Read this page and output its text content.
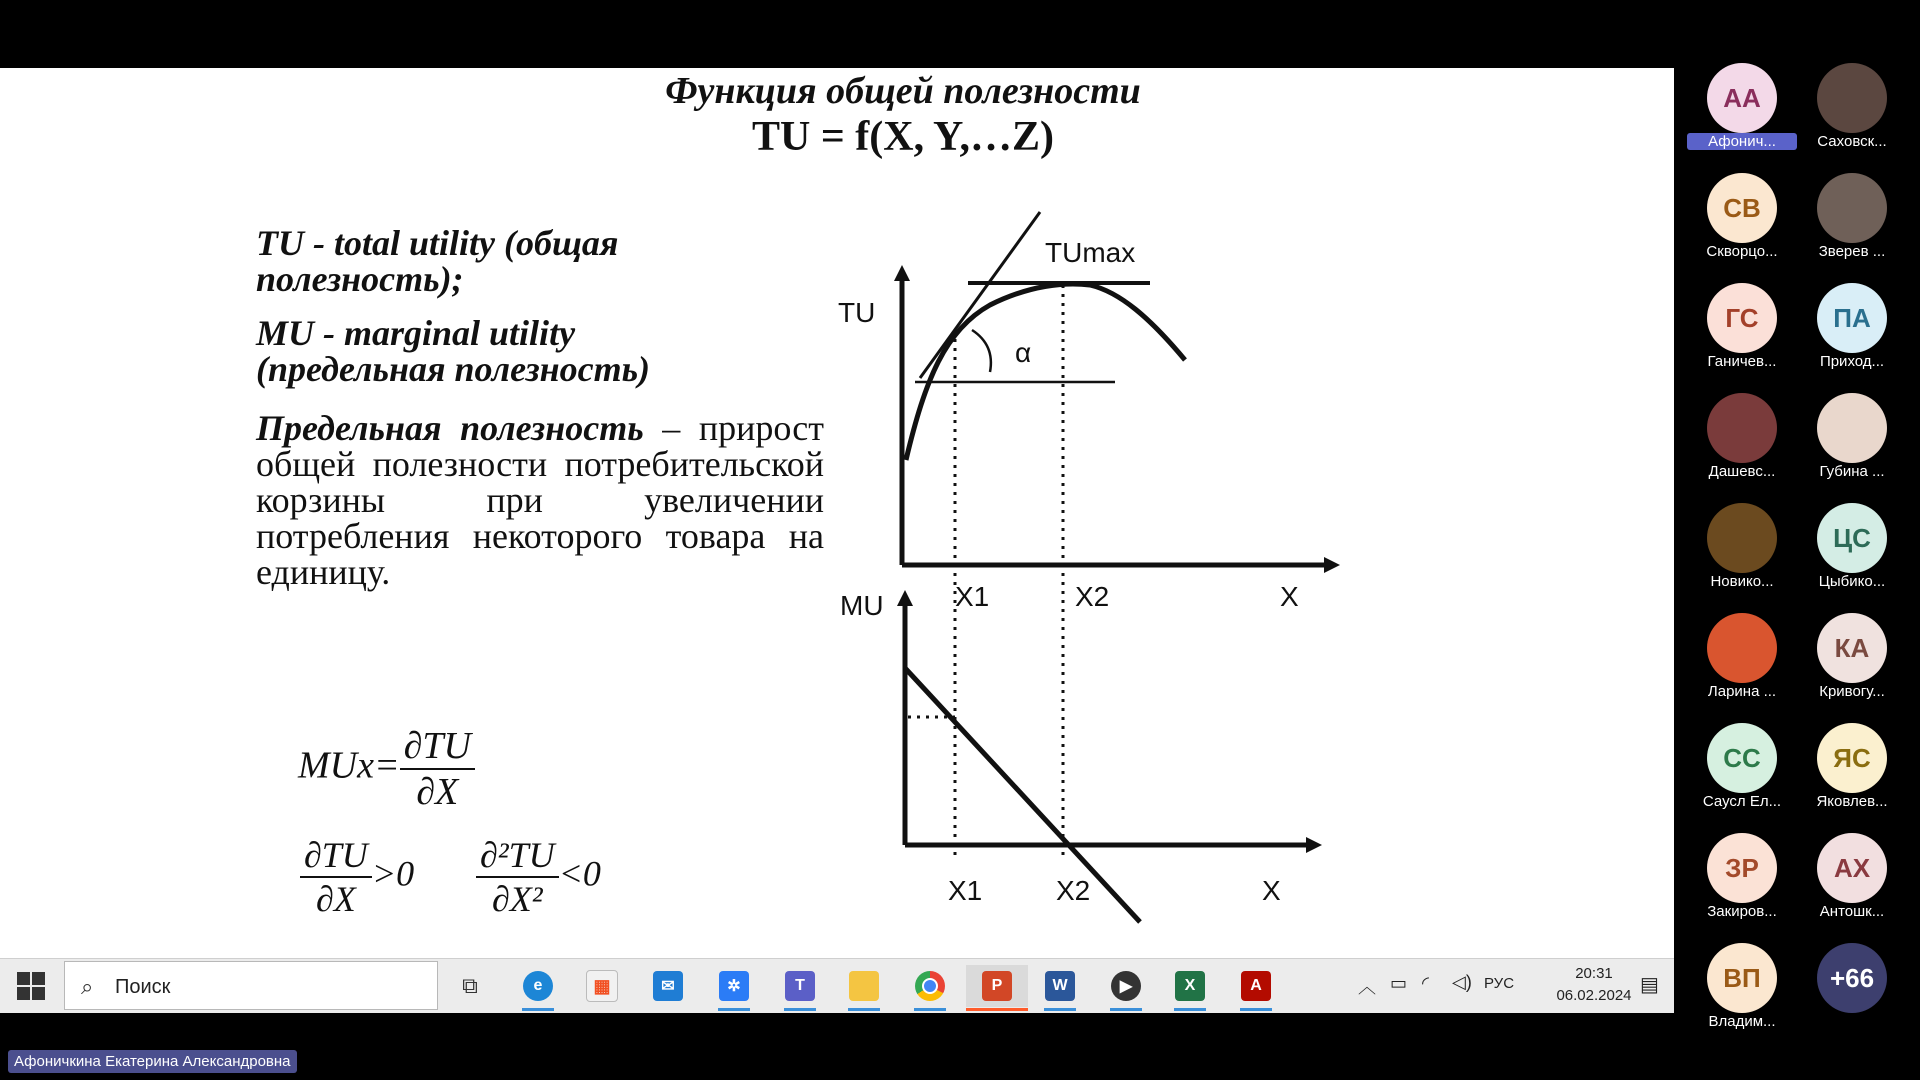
Функция общей полезности
TU = f(X, Y,…Z)
TU - total utility (общая
полезность);
MU - marginal utility
(предельная полезность)
Предельная полезность – прирост общей полезности потребительской корзины при увеличении потребления некоторого товара на единицу.
$MUx= \frac{\partial TU}{\partial X}$
$\frac{\partial TU}{\partial X} >0 \frac{\text{∂²TU}}{\text{∂X²}} <0$
TU
TUmax
α
MU	X1	X2	X
X1	X2	X
⌕ Поиск	⧉	e	▦	✉	✲	T	P	W	▶	X	A	︿ ▭ ◜ ◁) РУС
20:31
06.02.2024 ▤
АА
Афонич...	Саховск...
СВ
Скворцо...	Зверев ...
ГС
Ганичев...
ПА
Приход...
Дашевс...	Губина ...
Новико...
ЦС
Цыбико...
Ларина ...
КА
Кривогу...
СС
Саусл Ел...
ЯС
Яковлев...
ЗР
Закиров...
АХ
Антошк...
ВП
Владим...
+66
Афоничкина Екатерина Александровна
